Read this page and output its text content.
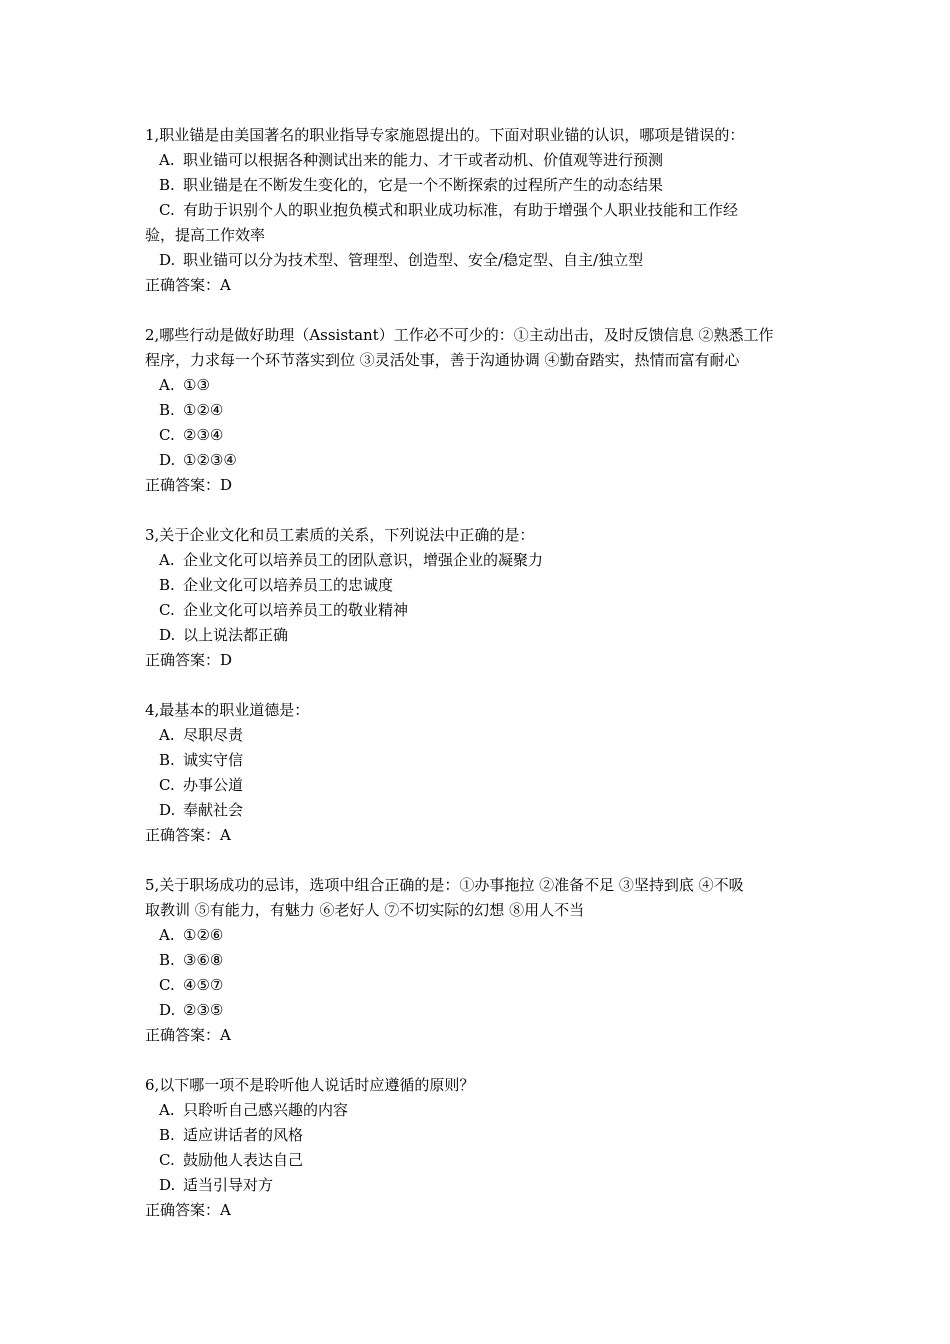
1,职业锚是由美国著名的职业指导专家施恩提出的。下面对职业锚的认识，哪项是错误的：

A. 职业锚可以根据各种测试出来的能力、才干或者动机、价值观等进行预测

B. 职业锚是在不断发生变化的，它是一个不断探索的过程所产生的动态结果

C. 有助于识别个人的职业抱负模式和职业成功标准，有助于增强个人职业技能和工作经

验，提高工作效率

D. 职业锚可以分为技术型、管理型、创造型、安全/稳定型、自主/独立型

正确答案：A

2,哪些行动是做好助理（Assistant）工作必不可少的：①主动出击，及时反馈信息 ②熟悉工作

程序，力求每一个环节落实到位 ③灵活处事，善于沟通协调 ④勤奋踏实，热情而富有耐心

A. ①③

B. ①②④

C. ②③④

D. ①②③④

正确答案：D

3,关于企业文化和员工素质的关系，下列说法中正确的是：

A. 企业文化可以培养员工的团队意识，增强企业的凝聚力

B. 企业文化可以培养员工的忠诚度

C. 企业文化可以培养员工的敬业精神

D. 以上说法都正确

正确答案：D

4,最基本的职业道德是：

A. 尽职尽责

B. 诚实守信

C. 办事公道

D. 奉献社会

正确答案：A

5,关于职场成功的忌讳，选项中组合正确的是：①办事拖拉 ②准备不足 ③坚持到底 ④不吸

取教训 ⑤有能力，有魅力 ⑥老好人 ⑦不切实际的幻想 ⑧用人不当

A. ①②⑥

B. ③⑥⑧

C. ④⑤⑦

D. ②③⑤

正确答案：A

6,以下哪一项不是聆听他人说话时应遵循的原则？

A. 只聆听自己感兴趣的内容

B. 适应讲话者的风格

C. 鼓励他人表达自己

D. 适当引导对方

正确答案：A
